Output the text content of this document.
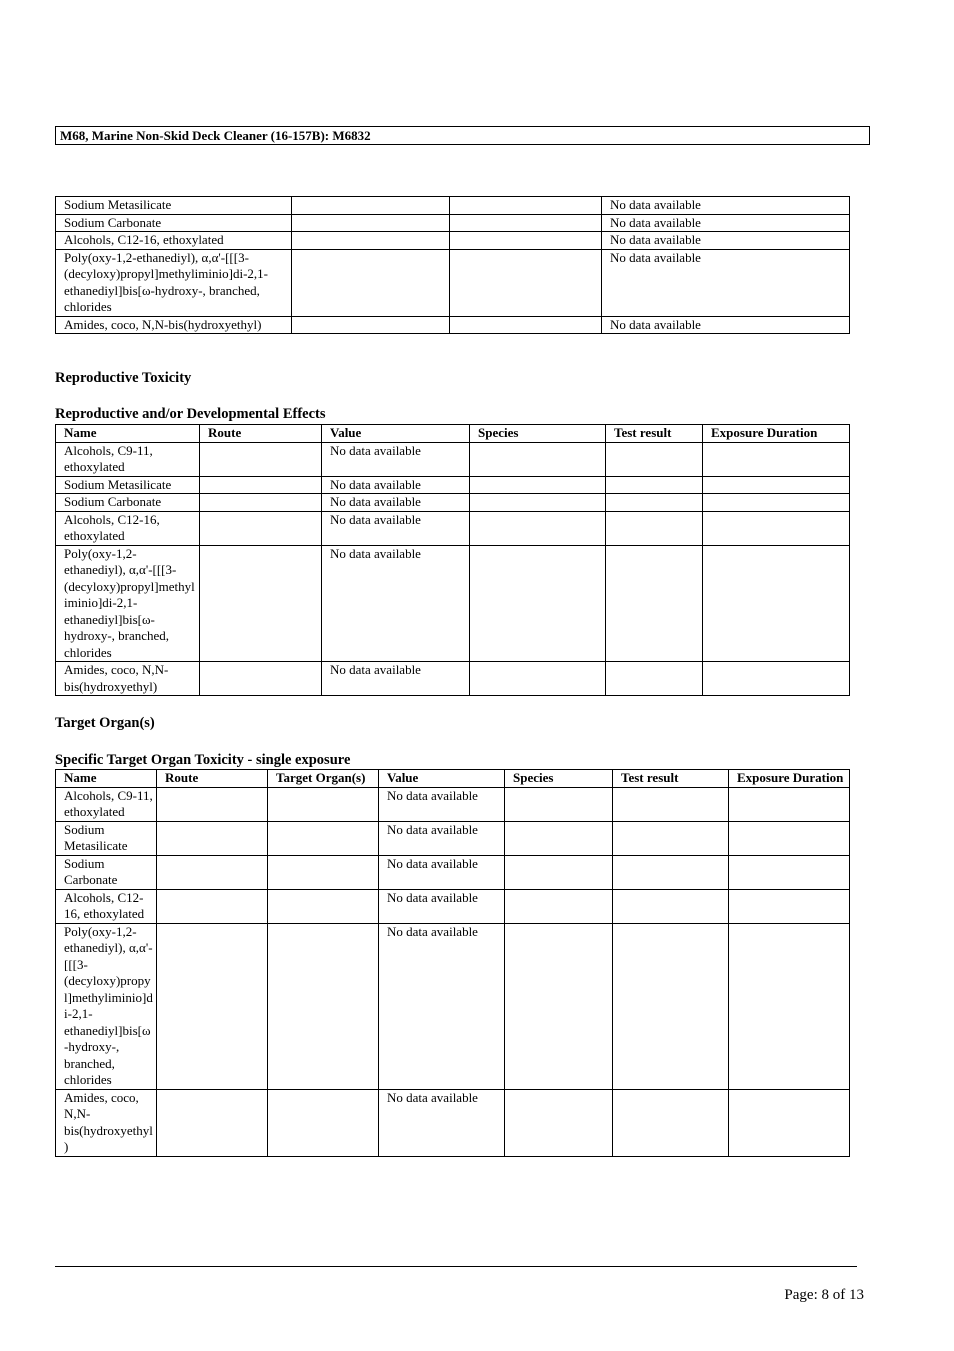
M68, Marine Non-Skid Deck Cleaner (16-157B): M6832
Sodium Metasilicate			No data available
Sodium Carbonate			No data available
Alcohols, C12-16, ethoxylated			No data available
Poly(oxy-1,2-ethanediyl), α,α'-[[[3-(decyloxy)propyl]methyliminio]di-2,1-ethanediyl]bis[ω-hydroxy-, branched, chlorides			No data available
Amides, coco, N,N-bis(hydroxyethyl)			No data available
Reproductive Toxicity
Reproductive and/or Developmental Effects
Name	Route	Value	Species	Test result	Exposure Duration
Alcohols, C9-11, ethoxylated		No data available			
Sodium Metasilicate		No data available			
Sodium Carbonate		No data available			
Alcohols, C12-16, ethoxylated		No data available			
Poly(oxy-1,2-ethanediyl), α,α'-[[[3-(decyloxy)propyl]methyliminio]di-2,1-ethanediyl]bis[ω-hydroxy-, branched, chlorides		No data available			
Amides, coco, N,N-bis(hydroxyethyl)		No data available			
Target Organ(s)
Specific Target Organ Toxicity - single exposure
Name	Route	Target Organ(s)	Value	Species	Test result	Exposure Duration
Alcohols, C9-11, ethoxylated			No data available			
Sodium Metasilicate			No data available			
Sodium Carbonate			No data available			
Alcohols, C12-16, ethoxylated			No data available			
Poly(oxy-1,2-ethanediyl), α,α'-[[[3-(decyloxy)propyl]methyliminio]di-2,1-ethanediyl]bis[ω-hydroxy-, branched, chlorides			No data available			
Amides, coco, N,N-bis(hydroxyethyl)			No data available			
Page: 8 of 13
